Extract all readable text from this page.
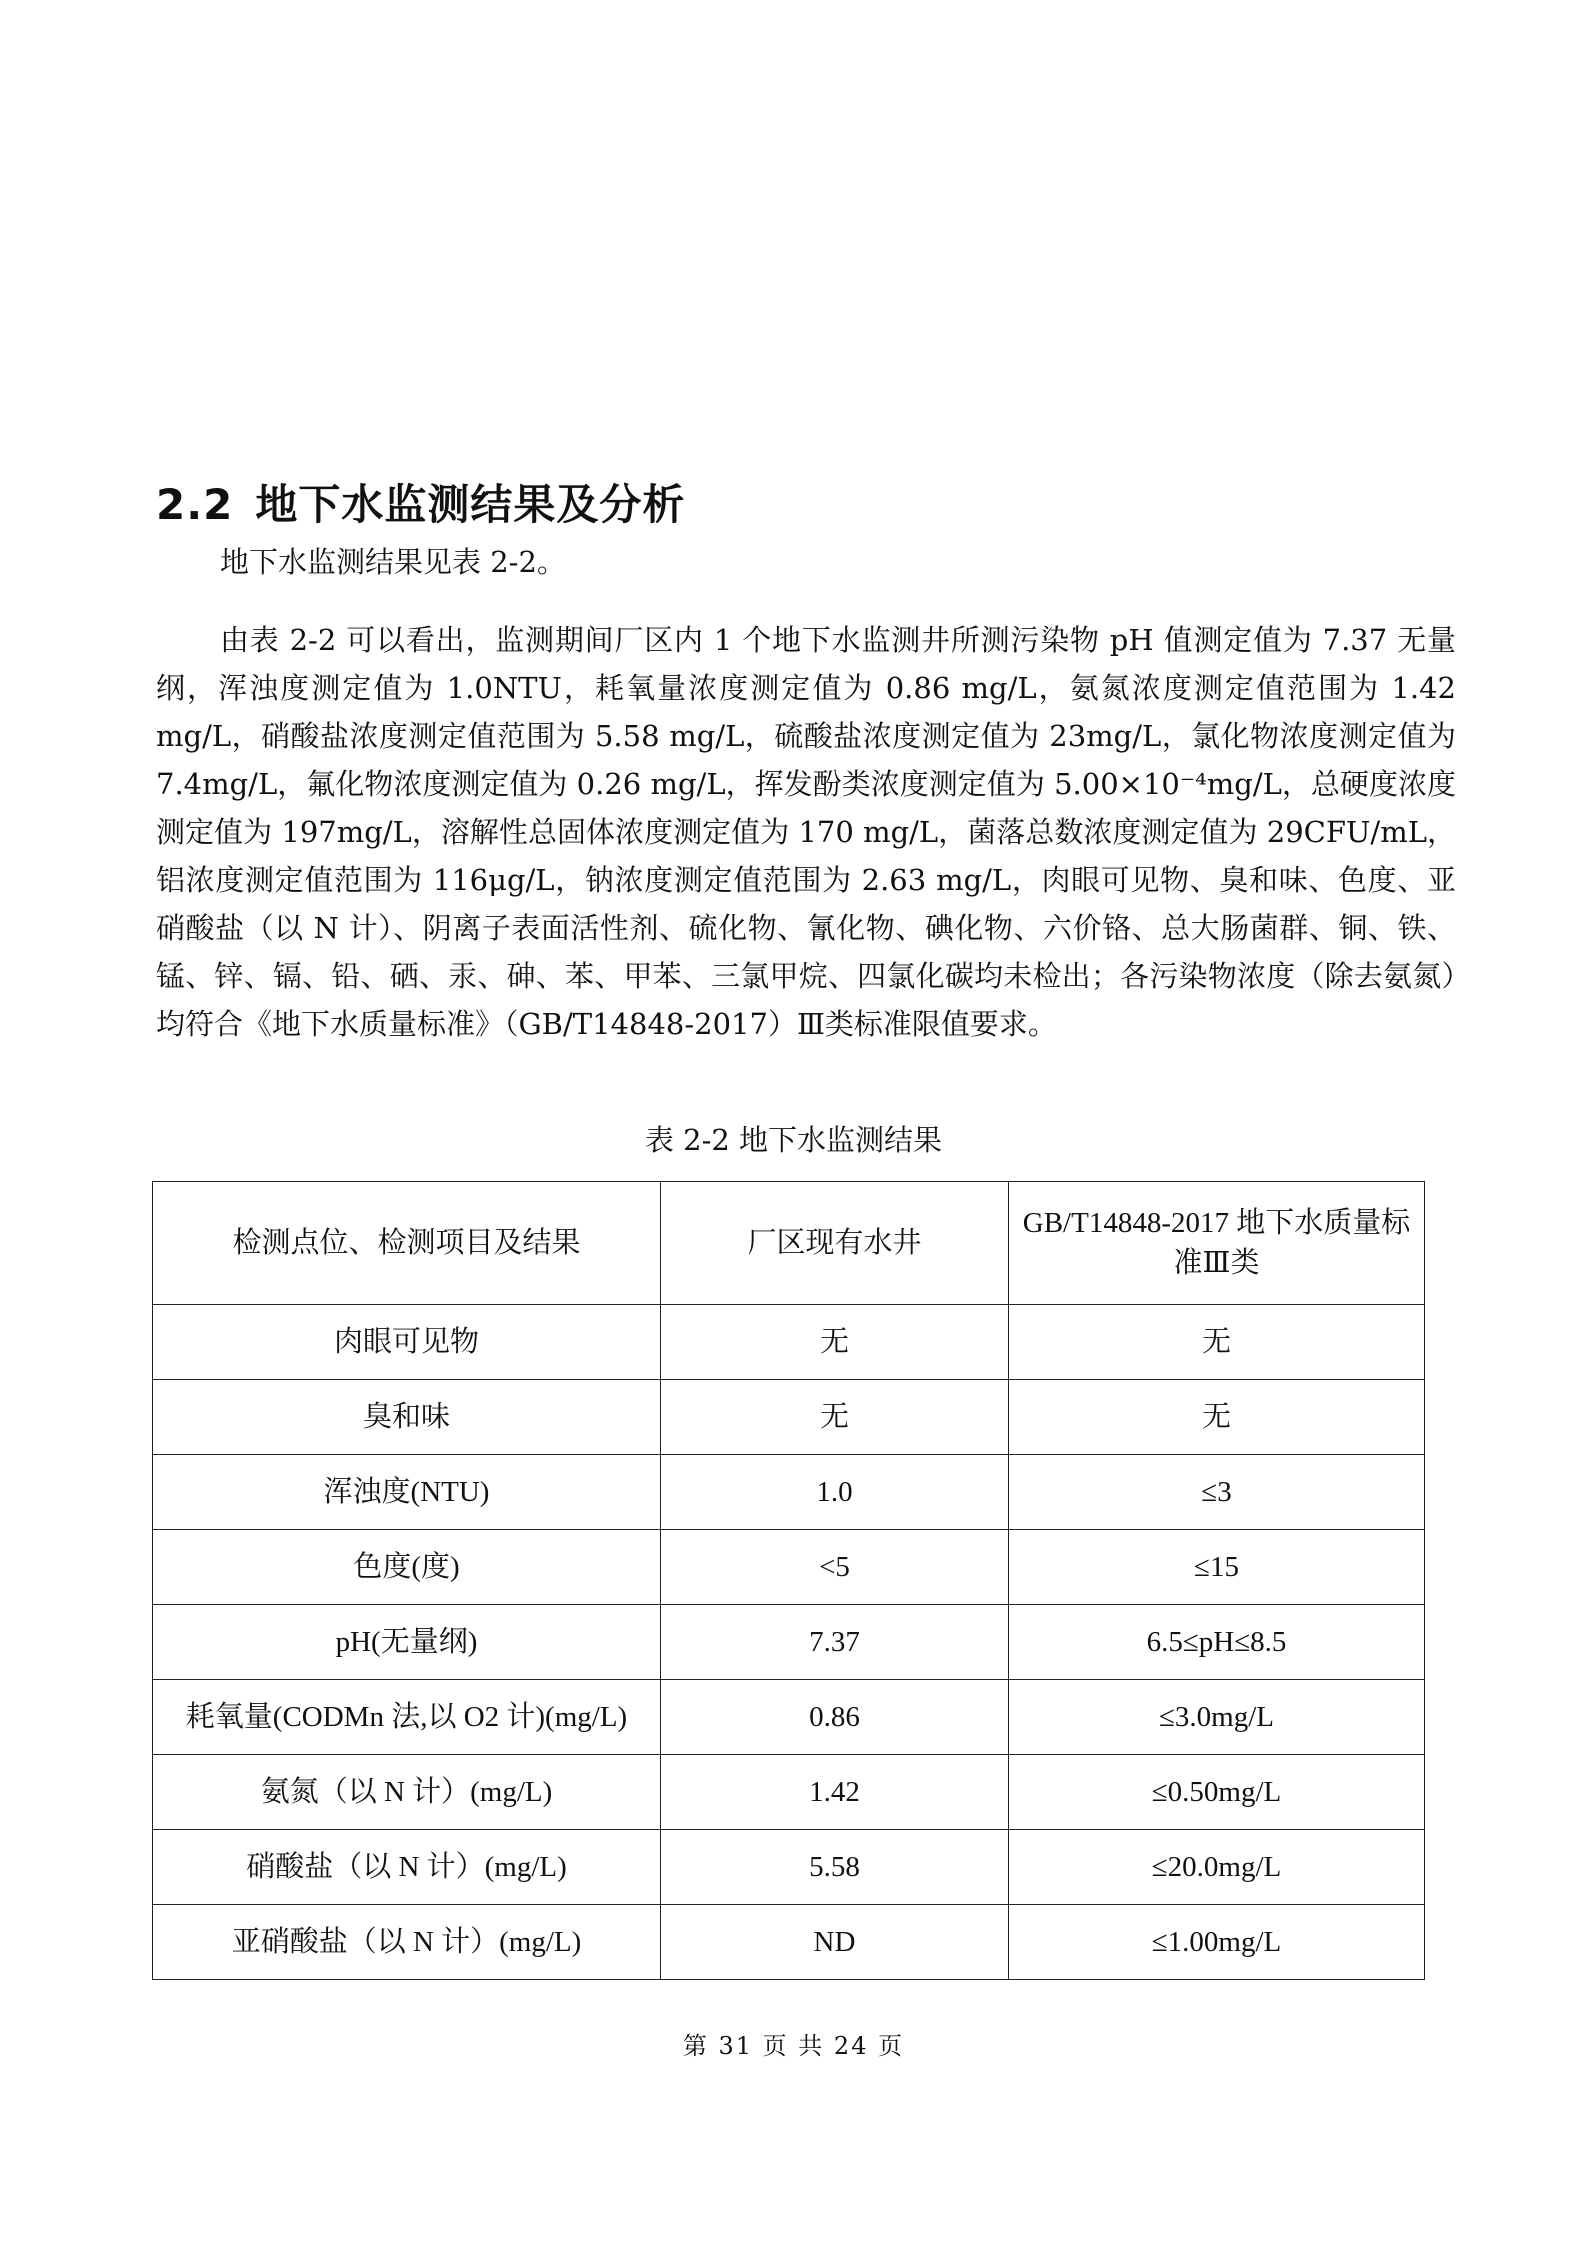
2.2 地下水监测结果及分析

地下水监测结果见表 2-2。

由表 2-2 可以看出，监测期间厂区内 1 个地下水监测井所测污染物 pH 值测定值为 7.37 无量纲，浑浊度测定值为 1.0NTU，耗氧量浓度测定值为 0.86 mg/L，氨氮浓度测定值范围为 1.42 mg/L，硝酸盐浓度测定值范围为 5.58 mg/L，硫酸盐浓度测定值为 23mg/L，氯化物浓度测定值为 7.4mg/L，氟化物浓度测定值为 0.26 mg/L，挥发酚类浓度测定值为 5.00×10⁻⁴mg/L，总硬度浓度测定值为 197mg/L，溶解性总固体浓度测定值为 170 mg/L，菌落总数浓度测定值为 29CFU/mL，铝浓度测定值范围为 116μg/L，钠浓度测定值范围为 2.63 mg/L，肉眼可见物、臭和味、色度、亚硝酸盐（以 N 计）、阴离子表面活性剂、硫化物、氰化物、碘化物、六价铬、总大肠菌群、铜、铁、锰、锌、镉、铅、硒、汞、砷、苯、甲苯、三氯甲烷、四氯化碳均未检出；各污染物浓度（除去氨氮）均符合《地下水质量标准》（GB/T14848-2017）Ⅲ类标准限值要求。

表 2-2 地下水监测结果
检测点位、检测项目及结果	厂区现有水井	GB/T14848-2017 地下水质量标准Ⅲ类
肉眼可见物	无	无
臭和味	无	无
浑浊度(NTU)	1.0	≤3
色度(度)	<5	≤15
pH(无量纲)	7.37	6.5≤pH≤8.5
耗氧量(CODMn 法,以 O2 计)(mg/L)	0.86	≤3.0mg/L
氨氮（以 N 计）(mg/L)	1.42	≤0.50mg/L
硝酸盐（以 N 计）(mg/L)	5.58	≤20.0mg/L
亚硝酸盐（以 N 计）(mg/L)	ND	≤1.00mg/L
第 31 页 共 24 页
